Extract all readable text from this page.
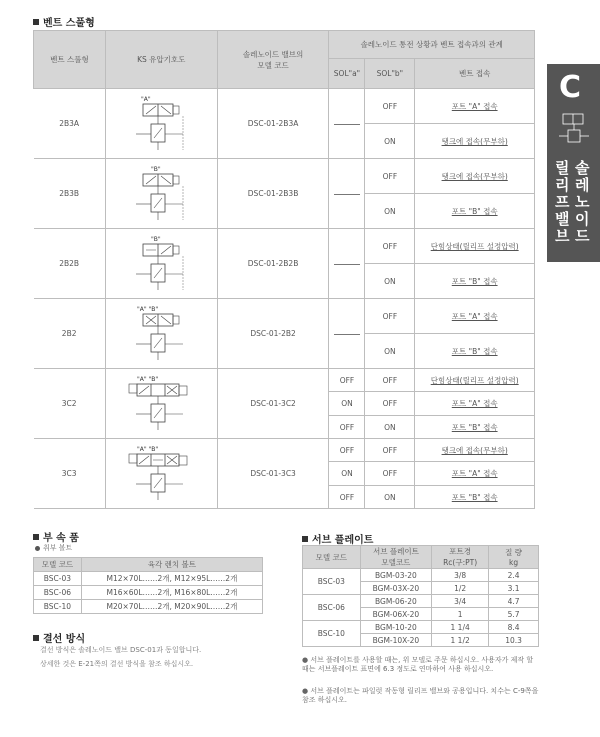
벤트 스풀형
벤트 스풀형	KS 유압기호도	솔레노이드 밸브의 모델 코드	솔레노이드 통전 상황과 벤트 접속과의 관계		
			SOL"a"	SOL"b"	벤트 접속
2B3A	"A"	DSC-01-2B3A		OFF	포트 "A" 접속
				ON	탱크에 접속(무부하)
2B3B	"B"	DSC-01-2B3B		OFF	탱크에 접속(무부하)
				ON	포트 "B" 접속
2B2B	"B"	DSC-01-2B2B		OFF	단힘상태(릴리프 설정압력)
				ON	포트 "B" 접속
2B2	"A" "B"	DSC-01-2B2		OFF	포트 "A" 접속
				ON	포트 "B" 접속
3C2	"A" "B"	DSC-01-3C2	OFF	OFF	단힘상태(릴리프 설정압력)
			ON	OFF	포트 "A" 접속
			OFF	ON	포트 "B" 접속
3C3	"A" "B"	DSC-01-3C3	OFF	OFF	탱크에 접속(무부하)
			ON	OFF	포트 "A" 접속
			OFF	ON	포트 "B" 접속
C
릴리프밸브
솔레노이드
부 속 품
취부 볼트
모델 코드	육각 렌치 볼트
BSC-03	M12×70L……2개, M12×95L……2개
BSC-06	M16×60L……2개, M16×80L……2개
BSC-10	M20×70L……2개, M20×90L……2개
결선 방식
결선 방식은 솔레노이드 밸브 DSC-01과 동일합니다.
상세한 것은 E-21쪽의 결선 방식을 참조 하십시오.
서브 플레이트
모델 코드	서브 플레이트 모델코드	포트경 Rc(구:PT)	질 량 kg
BSC-03	BGM-03-20	3/8	2.4
	BGM-03X-20	1/2	3.1
BSC-06	BGM-06-20	3/4	4.7
	BGM-06X-20	1	5.7
BSC-10	BGM-10-20	1 1/4	8.4
	BGM-10X-20	1 1/2	10.3
● 서브 플레이트를 사용할 때는, 위 모델로 주문 하십시오. 사용자가 제작 할 때는 서브플레이트 표면에 6.3 정도로 연마하여 사용 하십시오.
● 서브 플레이트는 파일럿 작동형 릴리프 밸브와 공용입니다. 치수는 C-9쪽을 참조 하십시오.
